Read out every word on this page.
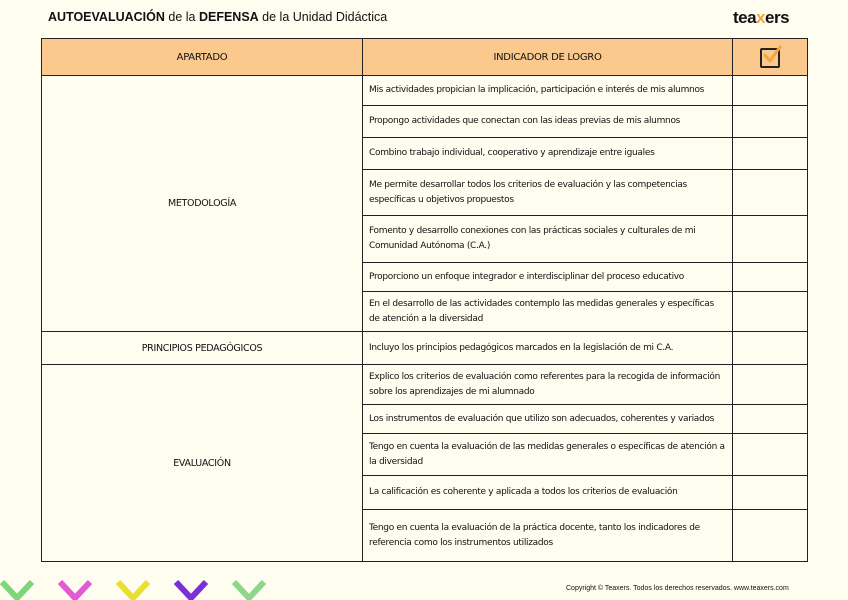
AUTOEVALUACIÓN de la DEFENSA de la Unidad Didáctica	teaxers
APARTADO	INDICADOR DE LOGRO	

METODOLOGÍA	Mis actividades propician la implicación, participación e interés de mis alumnos	
	Propongo actividades que conectan con las ideas previas de mis alumnos	
	Combino trabajo individual, cooperativo y aprendizaje entre iguales	
	Me permite desarrollar todos los criterios de evaluación y las competencias específicas u objetivos propuestos	
	Fomento y desarrollo conexiones con las prácticas sociales y culturales de mi Comunidad Autónoma (C.A.)	
	Proporciono un enfoque integrador e interdisciplinar del proceso educativo	
	En el desarrollo de las actividades contemplo las medidas generales y específicas de atención a la diversidad	
PRINCIPIOS PEDAGÓGICOS	Incluyo los principios pedagógicos marcados en la legislación de mi C.A.	
EVALUACIÓN	Explico los criterios de evaluación como referentes para la recogida de información sobre los aprendizajes de mi alumnado	
	Los instrumentos de evaluación que utilizo son adecuados, coherentes y variados	
	Tengo en cuenta la evaluación de las medidas generales o específicas de atención a la diversidad	
	La calificación es coherente y aplicada a todos los criterios de evaluación	
	Tengo en cuenta la evaluación de la práctica docente, tanto los indicadores de referencia como los instrumentos utilizados	
Copyright © Teaxers. Todos los derechos reservados. www.teaxers.com
